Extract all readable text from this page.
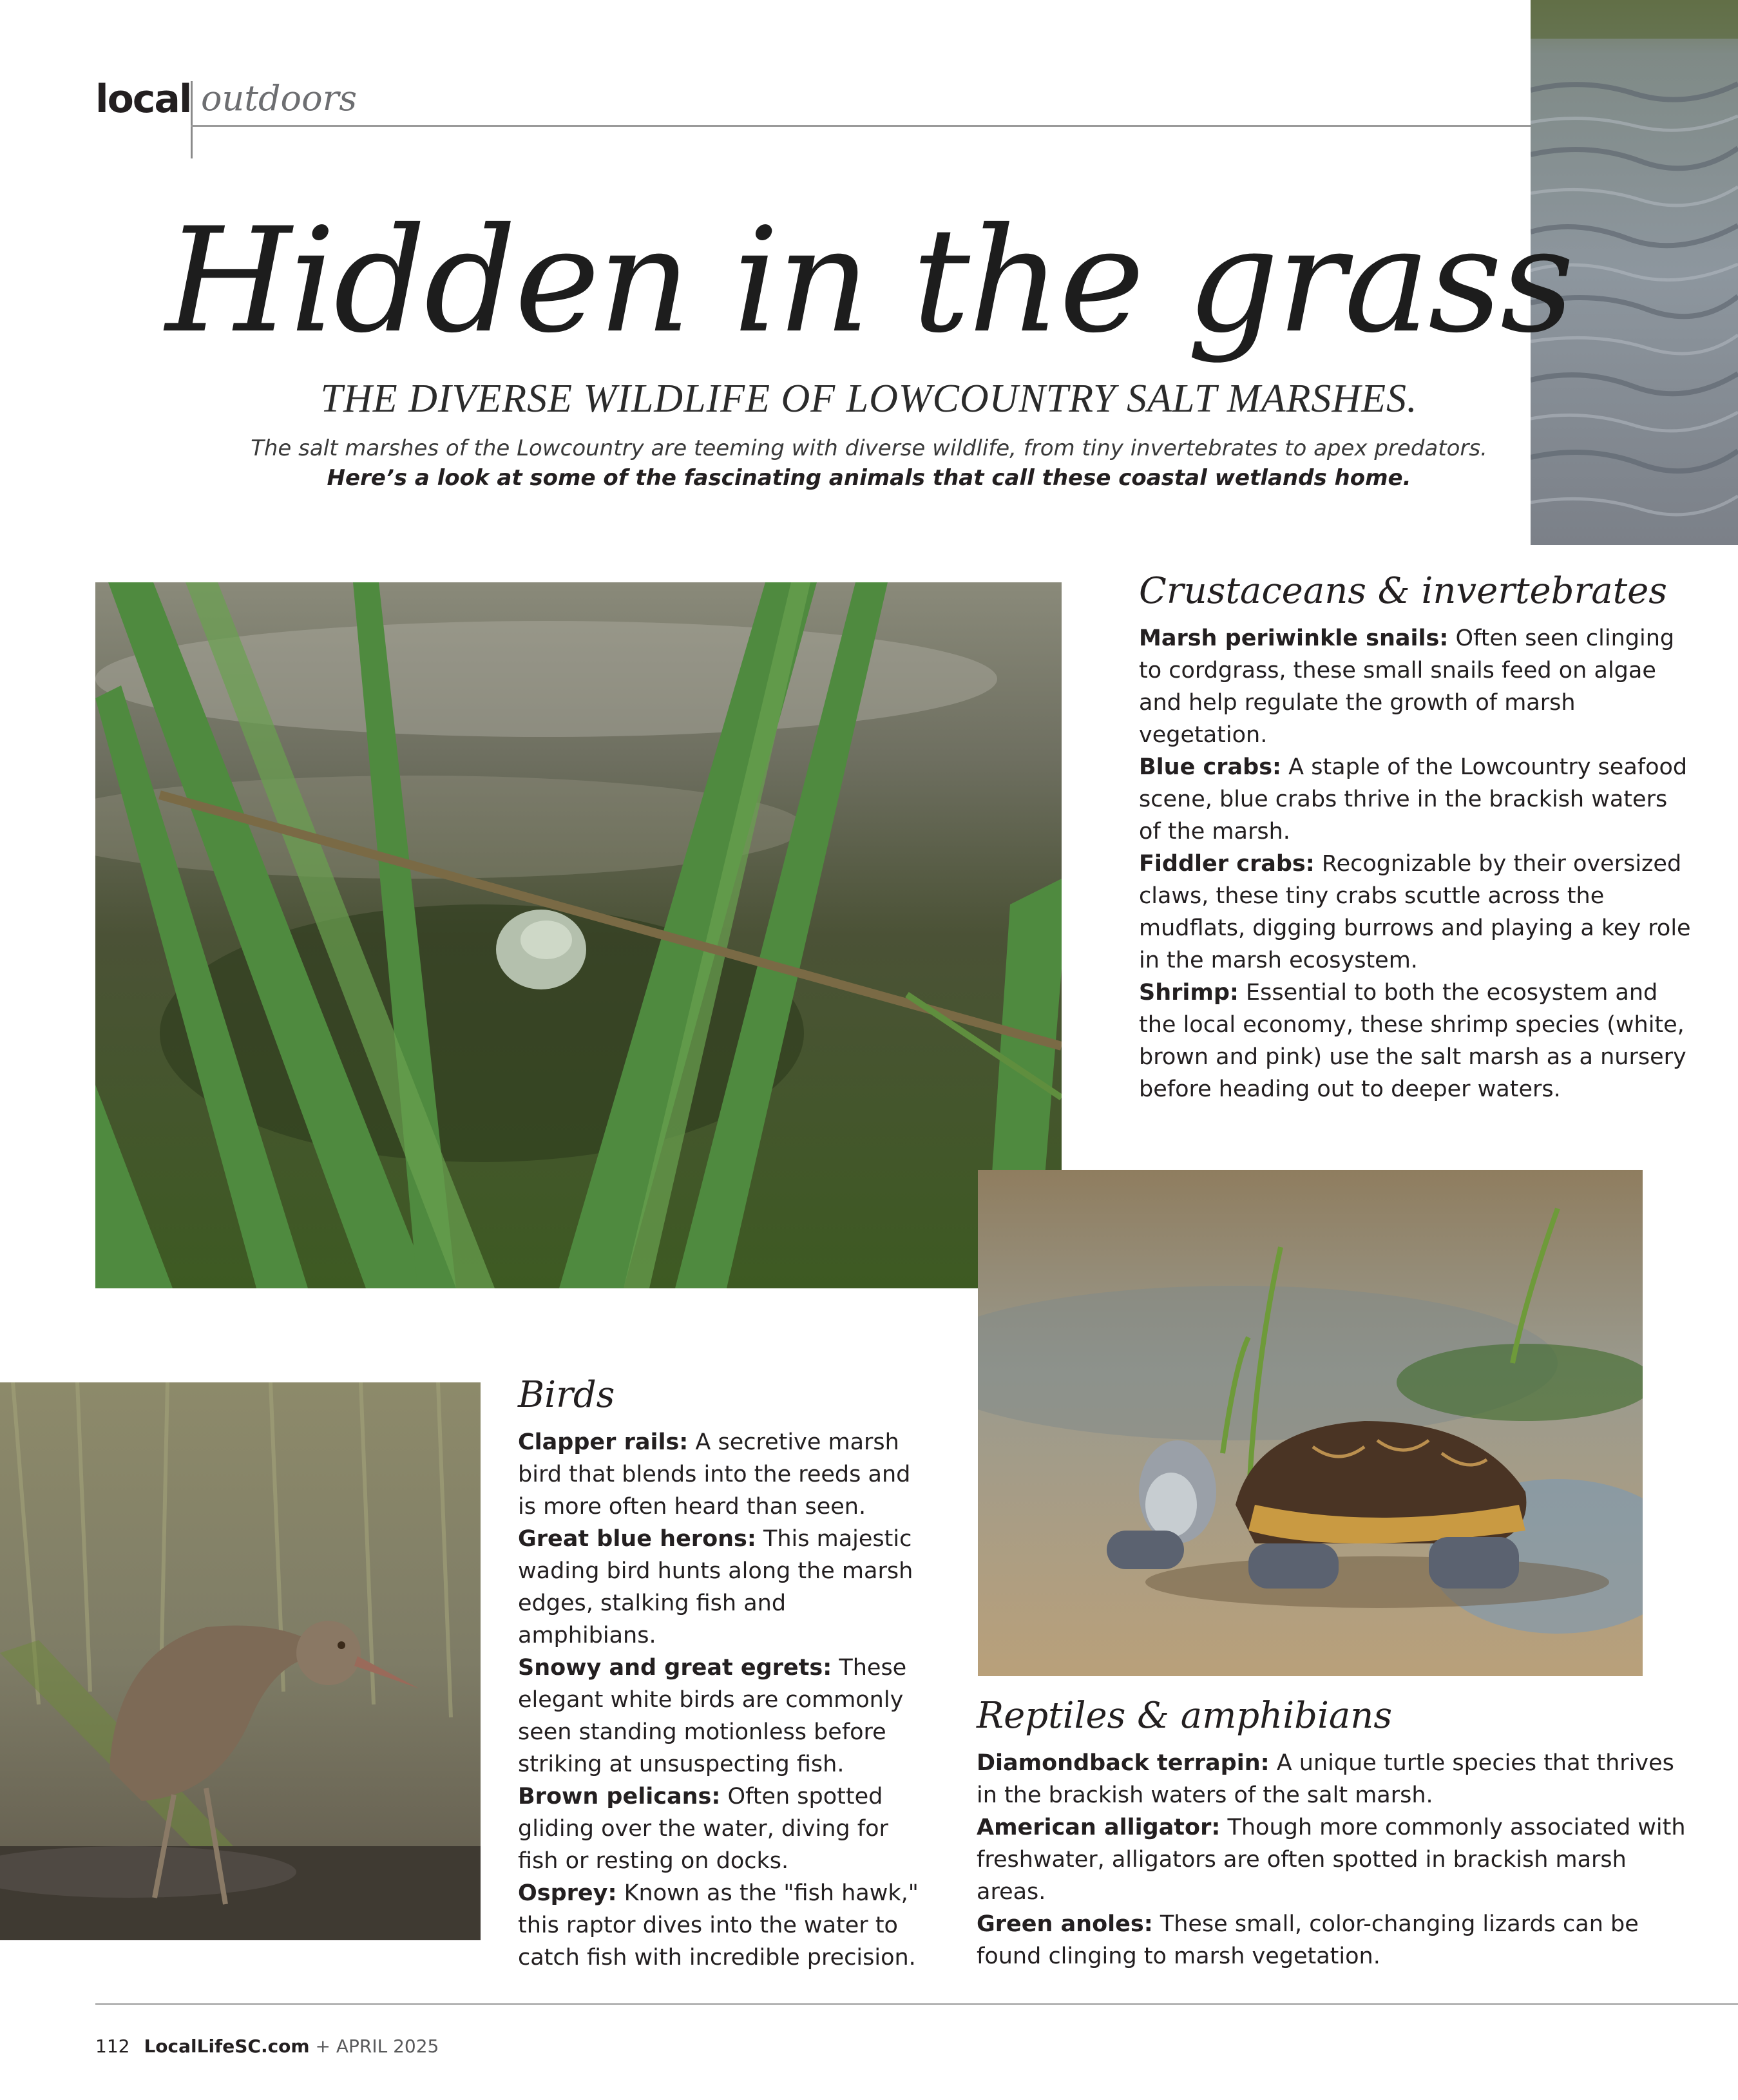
local outdoors
Hidden in the grass
THE DIVERSE WILDLIFE OF LOWCOUNTRY SALT MARSHES.
The salt marshes of the Lowcountry are teeming with diverse wildlife, from tiny invertebrates to apex predators.
Here’s a look at some of the fascinating animals that call these coastal wetlands home.
Crustaceans & invertebrates

Marsh periwinkle snails: Often seen clinging to cordgrass, these small snails feed on algae and help regulate the growth of marsh vegetation.

Blue crabs: A staple of the Lowcountry seafood scene, blue crabs thrive in the brackish waters of the marsh.

Fiddler crabs: Recognizable by their oversized claws, these tiny crabs scuttle across the mudflats, digging burrows and playing a key role in the marsh ecosystem.

Shrimp: Essential to both the ecosystem and the local economy, these shrimp species (white, brown and pink) use the salt marsh as a nursery before heading out to deeper waters.

Birds

Clapper rails: A secretive marsh bird that blends into the reeds and is more often heard than seen.

Great blue herons: This majestic wading bird hunts along the marsh edges, stalking fish and amphibians.

Snowy and great egrets: These elegant white birds are commonly seen standing motionless before striking at unsuspecting fish.

Brown pelicans: Often spotted gliding over the water, diving for fish or resting on docks.

Osprey: Known as the "fish hawk," this raptor dives into the water to catch fish with incredible precision.

Reptiles & amphibians

Diamondback terrapin: A unique turtle species that thrives in the brackish waters of the salt marsh.

American alligator: Though more commonly associated with freshwater, alligators are often spotted in brackish marsh areas.

Green anoles: These small, color-changing lizards can be found clinging to marsh vegetation.

112 LocalLifeSC.com + APRIL 2025
